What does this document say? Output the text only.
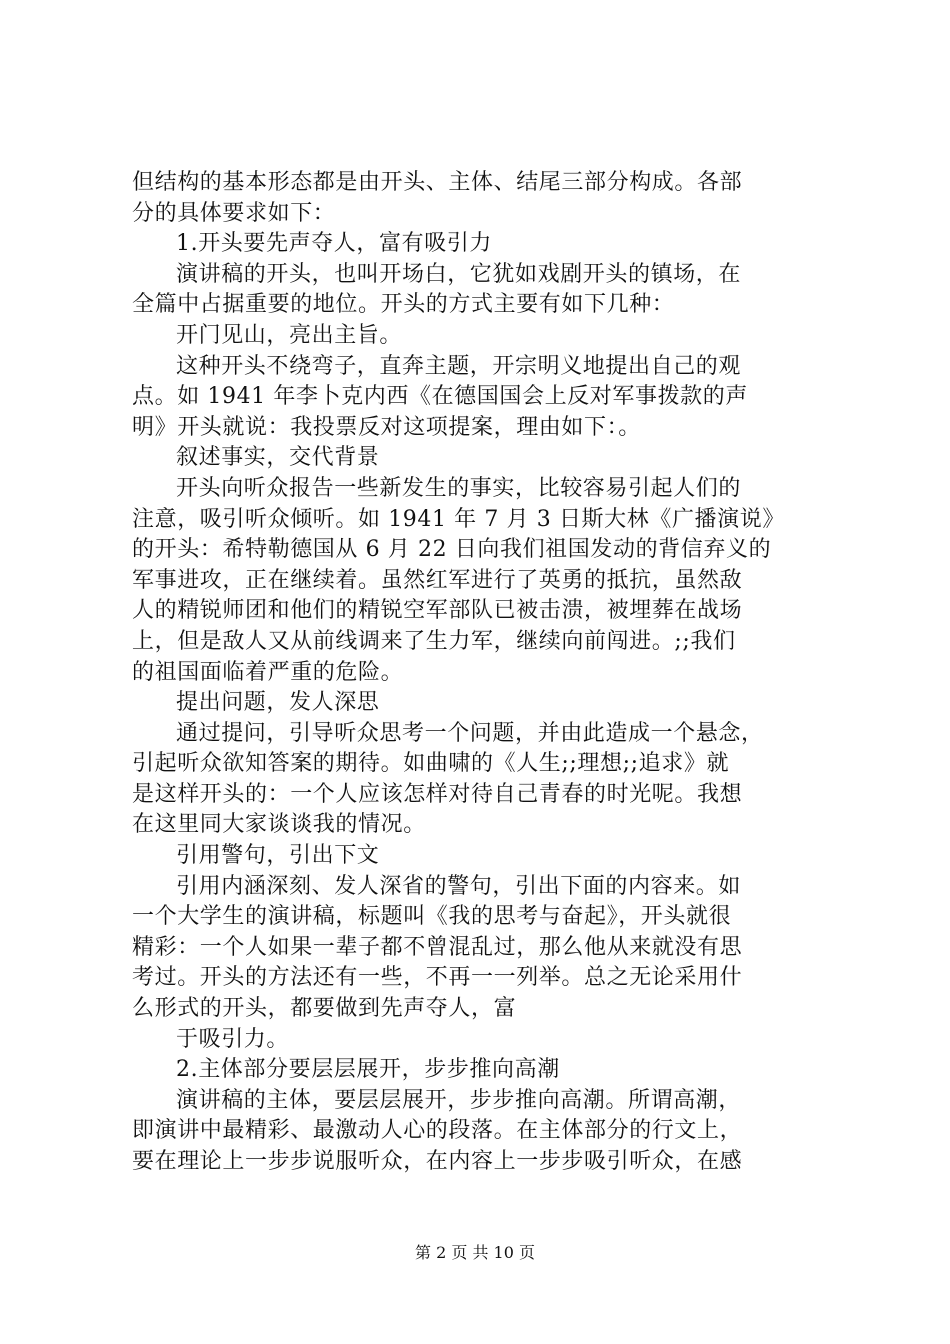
但结构的基本形态都是由开头、主体、结尾三部分构成。各部
分的具体要求如下：
1.开头要先声夺人，富有吸引力
演讲稿的开头，也叫开场白，它犹如戏剧开头的镇场，在
全篇中占据重要的地位。开头的方式主要有如下几种：
开门见山，亮出主旨。
这种开头不绕弯子，直奔主题，开宗明义地提出自己的观
点。如 1941 年李卜克内西《在德国国会上反对军事拨款的声
明》开头就说：我投票反对这项提案，理由如下：。
叙述事实，交代背景
开头向听众报告一些新发生的事实，比较容易引起人们的
注意，吸引听众倾听。如 1941 年 7 月 3 日斯大林《广播演说》
的开头：希特勒德国从 6 月 22 日向我们祖国发动的背信弃义的
军事进攻，正在继续着。虽然红军进行了英勇的抵抗，虽然敌
人的精锐师团和他们的精锐空军部队已被击溃，被埋葬在战场
上，但是敌人又从前线调来了生力军，继续向前闯进。;;我们
的祖国面临着严重的危险。
提出问题，发人深思
通过提问，引导听众思考一个问题，并由此造成一个悬念，
引起听众欲知答案的期待。如曲啸的《人生;;理想;;追求》就
是这样开头的：一个人应该怎样对待自己青春的时光呢。我想
在这里同大家谈谈我的情况。
引用警句，引出下文
引用内涵深刻、发人深省的警句，引出下面的内容来。如
一个大学生的演讲稿，标题叫《我的思考与奋起》，开头就很
精彩：一个人如果一辈子都不曾混乱过，那么他从来就没有思
考过。开头的方法还有一些，不再一一列举。总之无论采用什
么形式的开头，都要做到先声夺人，富
于吸引力。
2.主体部分要层层展开，步步推向高潮
演讲稿的主体，要层层展开，步步推向高潮。所谓高潮，
即演讲中最精彩、最激动人心的段落。在主体部分的行文上，
要在理论上一步步说服听众，在内容上一步步吸引听众，在感
第 2 页 共 10 页
